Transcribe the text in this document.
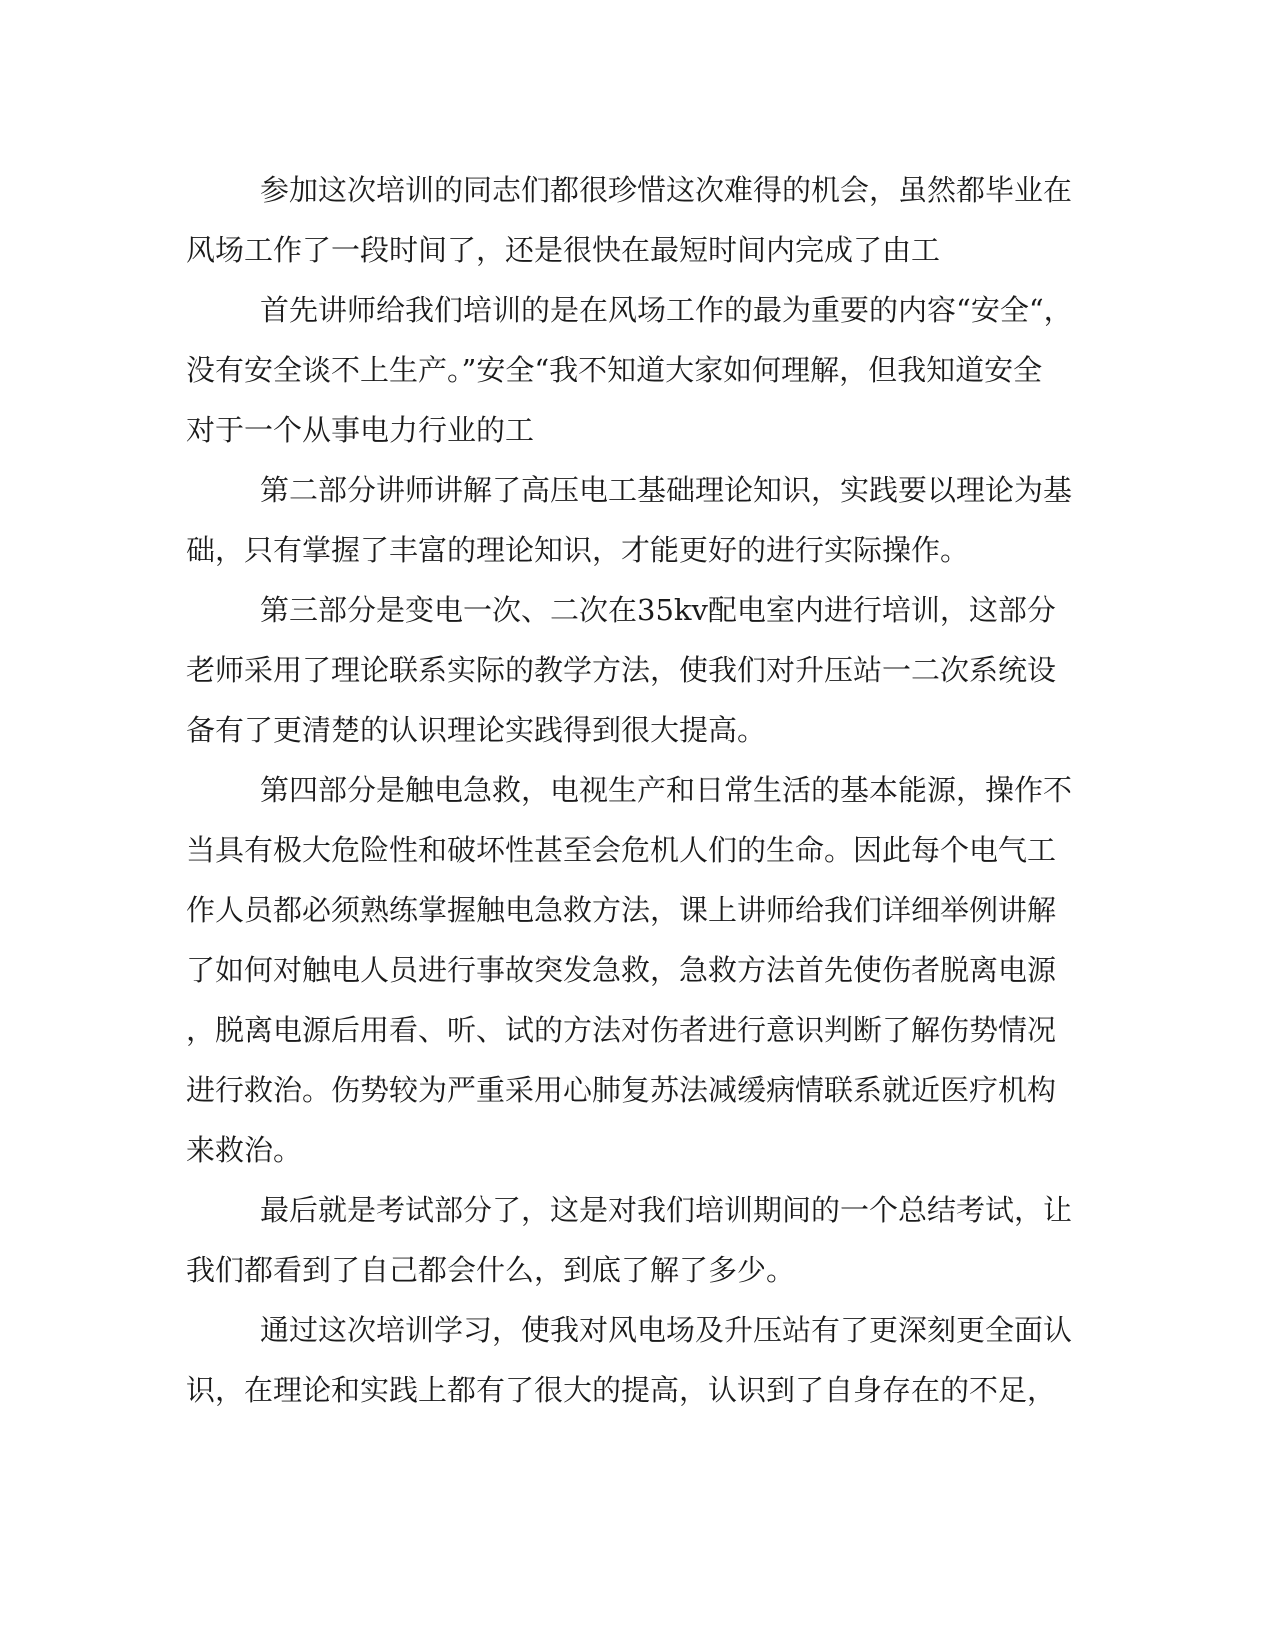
参加这次培训的同志们都很珍惜这次难得的机会，虽然都毕业在

风场工作了一段时间了，还是很快在最短时间内完成了由工

首先讲师给我们培训的是在风场工作的最为重要的内容“安全“，

没有安全谈不上生产。”安全“我不知道大家如何理解，但我知道安全

对于一个从事电力行业的工

第二部分讲师讲解了高压电工基础理论知识，实践要以理论为基

础，只有掌握了丰富的理论知识，才能更好的进行实际操作。

第三部分是变电一次、二次在35kv配电室内进行培训，这部分

老师采用了理论联系实际的教学方法，使我们对升压站一二次系统设

备有了更清楚的认识理论实践得到很大提高。

第四部分是触电急救，电视生产和日常生活的基本能源，操作不

当具有极大危险性和破坏性甚至会危机人们的生命。因此每个电气工

作人员都必须熟练掌握触电急救方法，课上讲师给我们详细举例讲解

了如何对触电人员进行事故突发急救，急救方法首先使伤者脱离电源

，脱离电源后用看、听、试的方法对伤者进行意识判断了解伤势情况

进行救治。伤势较为严重采用心肺复苏法减缓病情联系就近医疗机构

来救治。

最后就是考试部分了，这是对我们培训期间的一个总结考试，让

我们都看到了自己都会什么，到底了解了多少。

通过这次培训学习，使我对风电场及升压站有了更深刻更全面认

识，在理论和实践上都有了很大的提高，认识到了自身存在的不足，
